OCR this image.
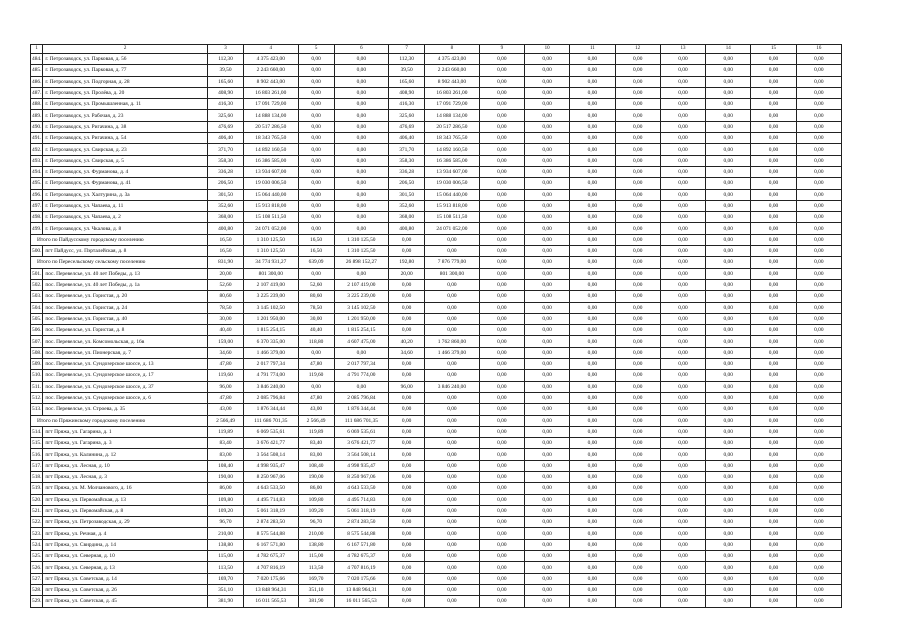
1	2	3	4	5	6	7	8	9	10	11	12	13	14	15	16
484.	г. Петрозаводск, ул. Парковая, д. 56	112,30	4 375 423,00	0,00	0,00	112,30	4 375 423,00	0,00	0,00	0,00	0,00	0,00	0,00	0,00	0,00
485.	г. Петрозаводск, ул. Парковая, д. 77	39,50	2 243 660,00	0,00	0,00	39,50	2 243 660,00	0,00	0,00	0,00	0,00	0,00	0,00	0,00	0,00
486.	г. Петрозаводск, ул. Подгорная, д. 28	165,60	8 902 443,00	0,00	0,00	165,60	8 902 443,00	0,00	0,00	0,00	0,00	0,00	0,00	0,00	0,00
487.	г. Петрозаводск, ул. Пролёва, д. 20	408,90	16 803 261,00	0,00	0,00	408,90	16 803 261,00	0,00	0,00	0,00	0,00	0,00	0,00	0,00	0,00
488.	г. Петрозаводск, ул. Промышленная, д. 11	416,30	17 091 729,00	0,00	0,00	416,30	17 091 729,00	0,00	0,00	0,00	0,00	0,00	0,00	0,00	0,00
489.	г. Петрозаводск, ул. Рабочая, д. 23	325,60	14 888 134,00	0,00	0,00	325,60	14 888 134,00	0,00	0,00	0,00	0,00	0,00	0,00	0,00	0,00
490.	г. Петрозаводск, ул. Ригачина, д. 38	476,69	20 517 286,50	0,00	0,00	476,69	20 517 286,50	0,00	0,00	0,00	0,00	0,00	0,00	0,00	0,00
491.	г. Петрозаводск, ул. Ригачина, д. 54	406,40	18 343 765,50	0,00	0,00	406,40	18 343 765,50	0,00	0,00	0,00	0,00	0,00	0,00	0,00	0,00
492.	г. Петрозаводск, ул. Свирская, д. 23	371,70	14 892 160,50	0,00	0,00	371,70	14 892 160,50	0,00	0,00	0,00	0,00	0,00	0,00	0,00	0,00
493.	г. Петрозаводск, ул. Свирская, д. 5	358,30	16 386 585,00	0,00	0,00	358,30	16 386 585,00	0,00	0,00	0,00	0,00	0,00	0,00	0,00	0,00
494.	г. Петрозаводск, ул. Фурманова, д. 4	336,28	13 934 607,00	0,00	0,00	336,28	13 934 607,00	0,00	0,00	0,00	0,00	0,00	0,00	0,00	0,00
495.	г. Петрозаводск, ул. Фурманова, д. 41	206,50	19 030 006,50	0,00	0,00	206,50	19 030 006,50	0,00	0,00	0,00	0,00	0,00	0,00	0,00	0,00
496.	г. Петрозаводск, ул. Халтурина, д. 3а	301,50	15 064 440,00	0,00	0,00	301,50	15 064 440,00	0,00	0,00	0,00	0,00	0,00	0,00	0,00	0,00
497.	г. Петрозаводск, ул. Чапаева, д. 11	352,60	15 913 818,00	0,00	0,00	352,60	15 913 818,00	0,00	0,00	0,00	0,00	0,00	0,00	0,00	0,00
498.	г. Петрозаводск, ул. Чапаева, д. 2	368,00	15 108 511,50	0,00	0,00	368,00	15 108 511,50	0,00	0,00	0,00	0,00	0,00	0,00	0,00	0,00
499.	г. Петрозаводск, ул. Чкалова, д. 8	400,80	24 071 052,00	0,00	0,00	400,80	24 071 052,00	0,00	0,00	0,00	0,00	0,00	0,00	0,00	0,00
Итого по Пайдусскому городскому поселению		16,50	1 310 125,50	16,50	1 310 125,50	0,00	0,00	0,00	0,00	0,00	0,00	0,00	0,00	0,00	0,00
500.	пгт Пайдусс, ул. Пэрталейская, д. 8	16,50	1 310 125,50	16,50	1 310 125,50	0,00	0,00	0,00	0,00	0,00	0,00	0,00	0,00	0,00	0,00
Итого по Пересельскому сельскому поселению		831,90	34 774 931,27	639,09	26 898 152,27	192,80	7 876 779,00	0,00	0,00	0,00	0,00	0,00	0,00	0,00	0,00
501.	пос. Перевелсье, ул. 40 лет Победы, д. 13	20,00	801 300,00	0,00	0,00	20,00	801 300,00	0,00	0,00	0,00	0,00	0,00	0,00	0,00	0,00
502.	пос. Перевелсье, ул. 40 лет Победы, д. 1а	52,60	2 107 419,00	52,60	2 107 419,00	0,00	0,00	0,00	0,00	0,00	0,00	0,00	0,00	0,00	0,00
503.	пос. Перевелсье, ул. Гористая, д. 20	80,60	3 225 239,00	80,60	3 225 239,00	0,00	0,00	0,00	0,00	0,00	0,00	0,00	0,00	0,00	0,00
504.	пос. Перевелсье, ул. Гористая, д. 24	78,50	3 145 102,50	78,50	3 145 102,50	0,00	0,00	0,00	0,00	0,00	0,00	0,00	0,00	0,00	0,00
505.	пос. Перевелсье, ул. Гористая, д. 40	30,00	1 201 950,00	30,00	1 201 950,00	0,00	0,00	0,00	0,00	0,00	0,00	0,00	0,00	0,00	0,00
506.	пос. Перевелсье, ул. Гористая, д. 8	40,40	1 815 254,15	40,40	1 815 254,15	0,00	0,00	0,00	0,00	0,00	0,00	0,00	0,00	0,00	0,00
507.	пос. Перевелсье, ул. Комсомольская, д. 16в	159,00	6 370 335,00	118,80	4 607 475,00	40,20	1 762 860,00	0,00	0,00	0,00	0,00	0,00	0,00	0,00	0,00
508.	пос. Перевелсье, ул. Пионерская, д. 7	34,60	1 466 379,00	0,00	0,00	34,60	1 466 379,00	0,00	0,00	0,00	0,00	0,00	0,00	0,00	0,00
509.	пос. Перевелсье, ул. Сундозерское шоссе, д. 13	47,80	2 017 797,34	47,80	2 017 797,34	0,00	0,00	0,00	0,00	0,00	0,00	0,00	0,00	0,00	0,00
510.	пос. Перевелсье, ул. Сундозерское шоссе, д. 17	119,60	4 791 774,00	119,60	4 791 774,00	0,00	0,00	0,00	0,00	0,00	0,00	0,00	0,00	0,00	0,00
511.	пос. Перевелсье, ул. Сундозерское шоссе, д. 37	96,00	3 846 240,00	0,00	0,00	96,00	3 846 240,00	0,00	0,00	0,00	0,00	0,00	0,00	0,00	0,00
512.	пос. Перевелсье, ул. Сундозерское шоссе, д. 6	47,80	2 085 796,84	47,80	2 085 796,84	0,00	0,00	0,00	0,00	0,00	0,00	0,00	0,00	0,00	0,00
513.	пос. Перевелсье, ул. Строева, д. 35	43,00	1 876 344,44	43,00	1 876 344,44	0,00	0,00	0,00	0,00	0,00	0,00	0,00	0,00	0,00	0,00
Итого по Пряжинскому городскому поселению		2 566,49	111 686 701,35	2 566,49	111 686 701,35	0,00	0,00	0,00	0,00	0,00	0,00	0,00	0,00	0,00	0,00
514.	пгт Пряжа, ул. Гагарина, д. 1	119,89	6 069 535,61	119,89	6 069 535,61	0,00	0,00	0,00	0,00	0,00	0,00	0,00	0,00	0,00	0,00
515.	пгт Пряжа, ул. Гагарина, д. 3	83,40	3 676 421,77	83,40	3 676 421,77	0,00	0,00	0,00	0,00	0,00	0,00	0,00	0,00	0,00	0,00
516.	пгт Пряжа, ул. Калинина, д. 12	83,00	3 564 508,14	83,00	3 564 508,14	0,00	0,00	0,00	0,00	0,00	0,00	0,00	0,00	0,00	0,00
517.	пгт Пряжа, ул. Лесная, д. 10	108,40	4 998 935,47	108,40	4 998 935,47	0,00	0,00	0,00	0,00	0,00	0,00	0,00	0,00	0,00	0,00
518.	пгт Пряжа, ул. Лесная, д. 3	190,00	8 250 967,06	190,00	8 250 967,06	0,00	0,00	0,00	0,00	0,00	0,00	0,00	0,00	0,00	0,00
519.	пгт Пряжа, ул. М. Молчанового, д. 16	86,00	4 643 533,50	86,00	4 643 533,50	0,00	0,00	0,00	0,00	0,00	0,00	0,00	0,00	0,00	0,00
520.	пгт Пряжа, ул. Первомайская, д. 13	109,80	4 495 714,83	109,80	4 495 714,83	0,00	0,00	0,00	0,00	0,00	0,00	0,00	0,00	0,00	0,00
521.	пгт Пряжа, ул. Первомайская, д. 8	109,20	5 061 318,19	109,20	5 061 318,19	0,00	0,00	0,00	0,00	0,00	0,00	0,00	0,00	0,00	0,00
522.	пгт Пряжа, ул. Петрозаводская, д. 29	96,70	2 874 283,50	96,70	2 874 283,50	0,00	0,00	0,00	0,00	0,00	0,00	0,00	0,00	0,00	0,00
523.	пгт Пряжа, ул. Речная, д. 4	210,00	8 575 544,88	210,00	8 575 544,88	0,00	0,00	0,00	0,00	0,00	0,00	0,00	0,00	0,00	0,00
524.	пгт Пряжа, ул. Свирдина, д. 14	138,80	6 167 571,80	138,80	6 167 571,80	0,00	0,00	0,00	0,00	0,00	0,00	0,00	0,00	0,00	0,00
525.	пгт Пряжа, ул. Северная, д. 10	115,00	4 782 675,37	115,00	4 782 675,37	0,00	0,00	0,00	0,00	0,00	0,00	0,00	0,00	0,00	0,00
526.	пгт Пряжа, ул. Северная, д. 13	113,50	4 707 816,19	113,50	4 707 816,19	0,00	0,00	0,00	0,00	0,00	0,00	0,00	0,00	0,00	0,00
527.	пгт Пряжа, ул. Советская, д. 14	169,70	7 020 175,66	169,70	7 020 175,66	0,00	0,00	0,00	0,00	0,00	0,00	0,00	0,00	0,00	0,00
528.	пгт Пряжа, ул. Советская, д. 26	351,10	13 848 964,31	351,10	13 848 964,31	0,00	0,00	0,00	0,00	0,00	0,00	0,00	0,00	0,00	0,00
529.	пгт Пряжа, ул. Советская, д. 45	381,90	16 011 565,53	381,90	16 011 565,53	0,00	0,00	0,00	0,00	0,00	0,00	0,00	0,00	0,00	0,00
